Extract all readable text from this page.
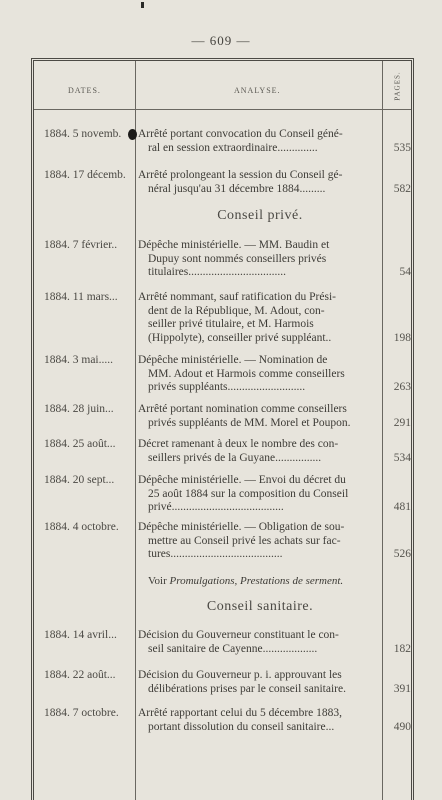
— 609 —
DATES.	ANALYSE.	PAGES.
1884. 5 novemb. Arrêté portant convocation du Conseil géné-
ral en session extraordinaire..............	535
1884. 17 décemb. Arrêté prolongeant la session du Conseil gé-
néral jusqu'au 31 décembre 1884.........	582
Conseil privé.
1884. 7 février.. Dépêche ministérielle. — MM. Baudin et
Dupuy sont nommés conseillers privés
titulaires..................................	54
1884. 11 mars... Arrêté nommant, sauf ratification du Prési-
dent de la République, M. Adout, con-
seiller privé titulaire, et M. Harmois
(Hippolyte), conseiller privé suppléant..	198
1884. 3 mai..... Dépêche ministérielle. — Nomination de
MM. Adout et Harmois comme conseillers
privés suppléants...........................	263
1884. 28 juin... Arrêté portant nomination comme conseillers
privés suppléants de MM. Morel et Poupon.	291
1884. 25 août... Décret ramenant à deux le nombre des con-
seillers privés de la Guyane................	534
1884. 20 sept... Dépêche ministérielle. — Envoi du décret du
25 août 1884 sur la composition du Conseil
privé.......................................	481
1884. 4 octobre. Dépêche ministérielle. — Obligation de sou-
mettre au Conseil privé les achats sur fac-
tures.......................................	526
Voir Promulgations, Prestations de serment.
Conseil sanitaire.
1884. 14 avril... Décision du Gouverneur constituant le con-
seil sanitaire de Cayenne...................	182
1884. 22 août... Décision du Gouverneur p. i. approuvant les
délibérations prises par le conseil sanitaire.	391
1884. 7 octobre. Arrêté rapportant celui du 5 décembre 1883,
portant dissolution du conseil sanitaire...	490
